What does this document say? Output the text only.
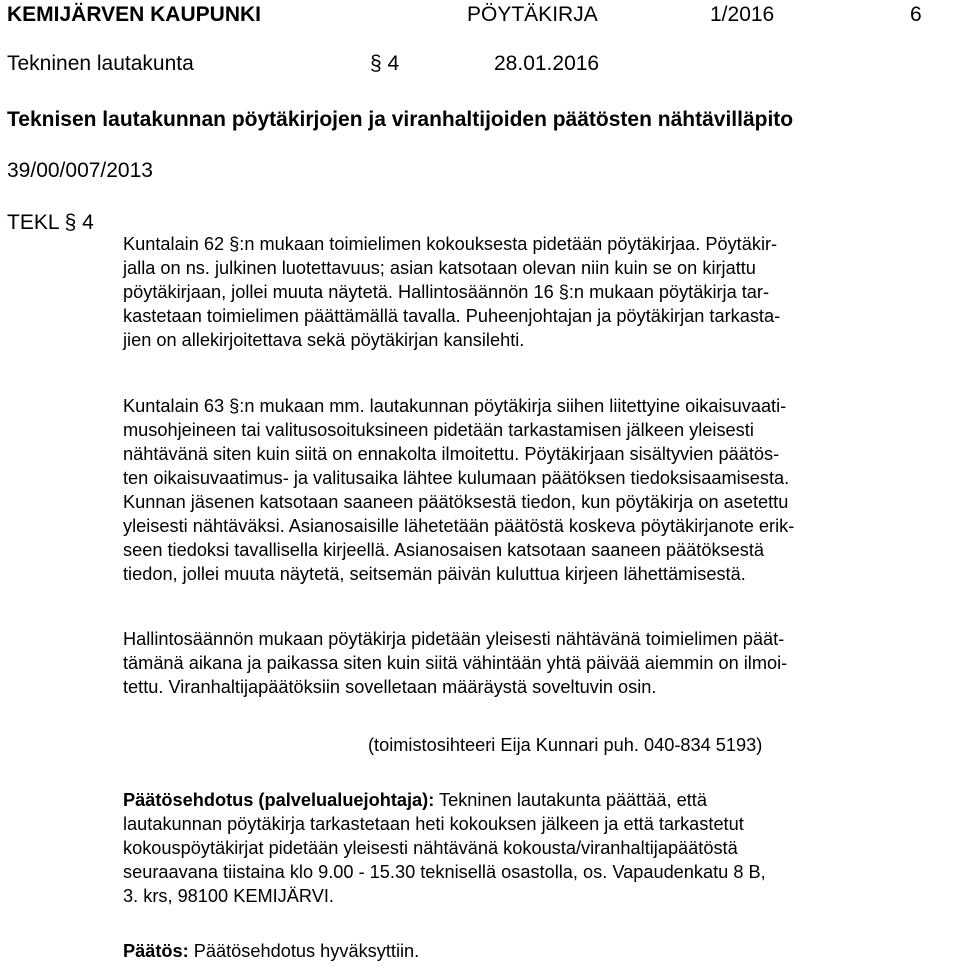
KEMIJÄRVEN KAUPUNKI	PÖYTÄKIRJA	1/2016	6
Tekninen lautakunta	§ 4	28.01.2016
Teknisen lautakunnan pöytäkirjojen ja viranhaltijoiden päätösten nähtävilläpito
39/00/007/2013
TEKL § 4
Kuntalain 62 §:n mukaan toimielimen kokouksesta pidetään pöytäkirjaa. Pöytäkir-
jalla on ns. julkinen luotettavuus; asian katsotaan olevan niin kuin se on kirjattu
pöytäkirjaan, jollei muuta näytetä. Hallintosäännön 16 §:n mukaan pöytäkirja tar-
kastetaan toimielimen päättämällä tavalla. Puheenjohtajan ja pöytäkirjan tarkasta-
jien on allekirjoitettava sekä pöytäkirjan kansilehti.
Kuntalain 63 §:n mukaan mm. lautakunnan pöytäkirja siihen liitettyine oikaisuvaati-
musohjeineen tai valitusosoituksineen pidetään tarkastamisen jälkeen yleisesti
nähtävänä siten kuin siitä on ennakolta ilmoitettu. Pöytäkirjaan sisältyvien päätös-
ten oikaisuvaatimus- ja valitusaika lähtee kulumaan päätöksen tiedoksisaamisesta.
Kunnan jäsenen katsotaan saaneen päätöksestä tiedon, kun pöytäkirja on asetettu
yleisesti nähtäväksi. Asianosaisille lähetetään päätöstä koskeva pöytäkirjanote erik-
seen tiedoksi tavallisella kirjeellä. Asianosaisen katsotaan saaneen päätöksestä
tiedon, jollei muuta näytetä, seitsemän päivän kuluttua kirjeen lähettämisestä.
Hallintosäännön mukaan pöytäkirja pidetään yleisesti nähtävänä toimielimen päät-
tämänä aikana ja paikassa siten kuin siitä vähintään yhtä päivää aiemmin on ilmoi-
tettu. Viranhaltijapäätöksiin sovelletaan määräystä soveltuvin osin.
(toimistosihteeri Eija Kunnari puh. 040-834 5193)
Päätösehdotus (palvelualuejohtaja): Tekninen lautakunta päättää, että
lautakunnan pöytäkirja tarkastetaan heti kokouksen jälkeen ja että tarkastetut
kokouspöytäkirjat pidetään yleisesti nähtävänä kokousta/viranhaltijapäätöstä
seuraavana tiistaina klo 9.00 - 15.30 teknisellä osastolla, os. Vapaudenkatu 8 B,
3. krs, 98100 KEMIJÄRVI.
Päätös: Päätösehdotus hyväksyttiin.
